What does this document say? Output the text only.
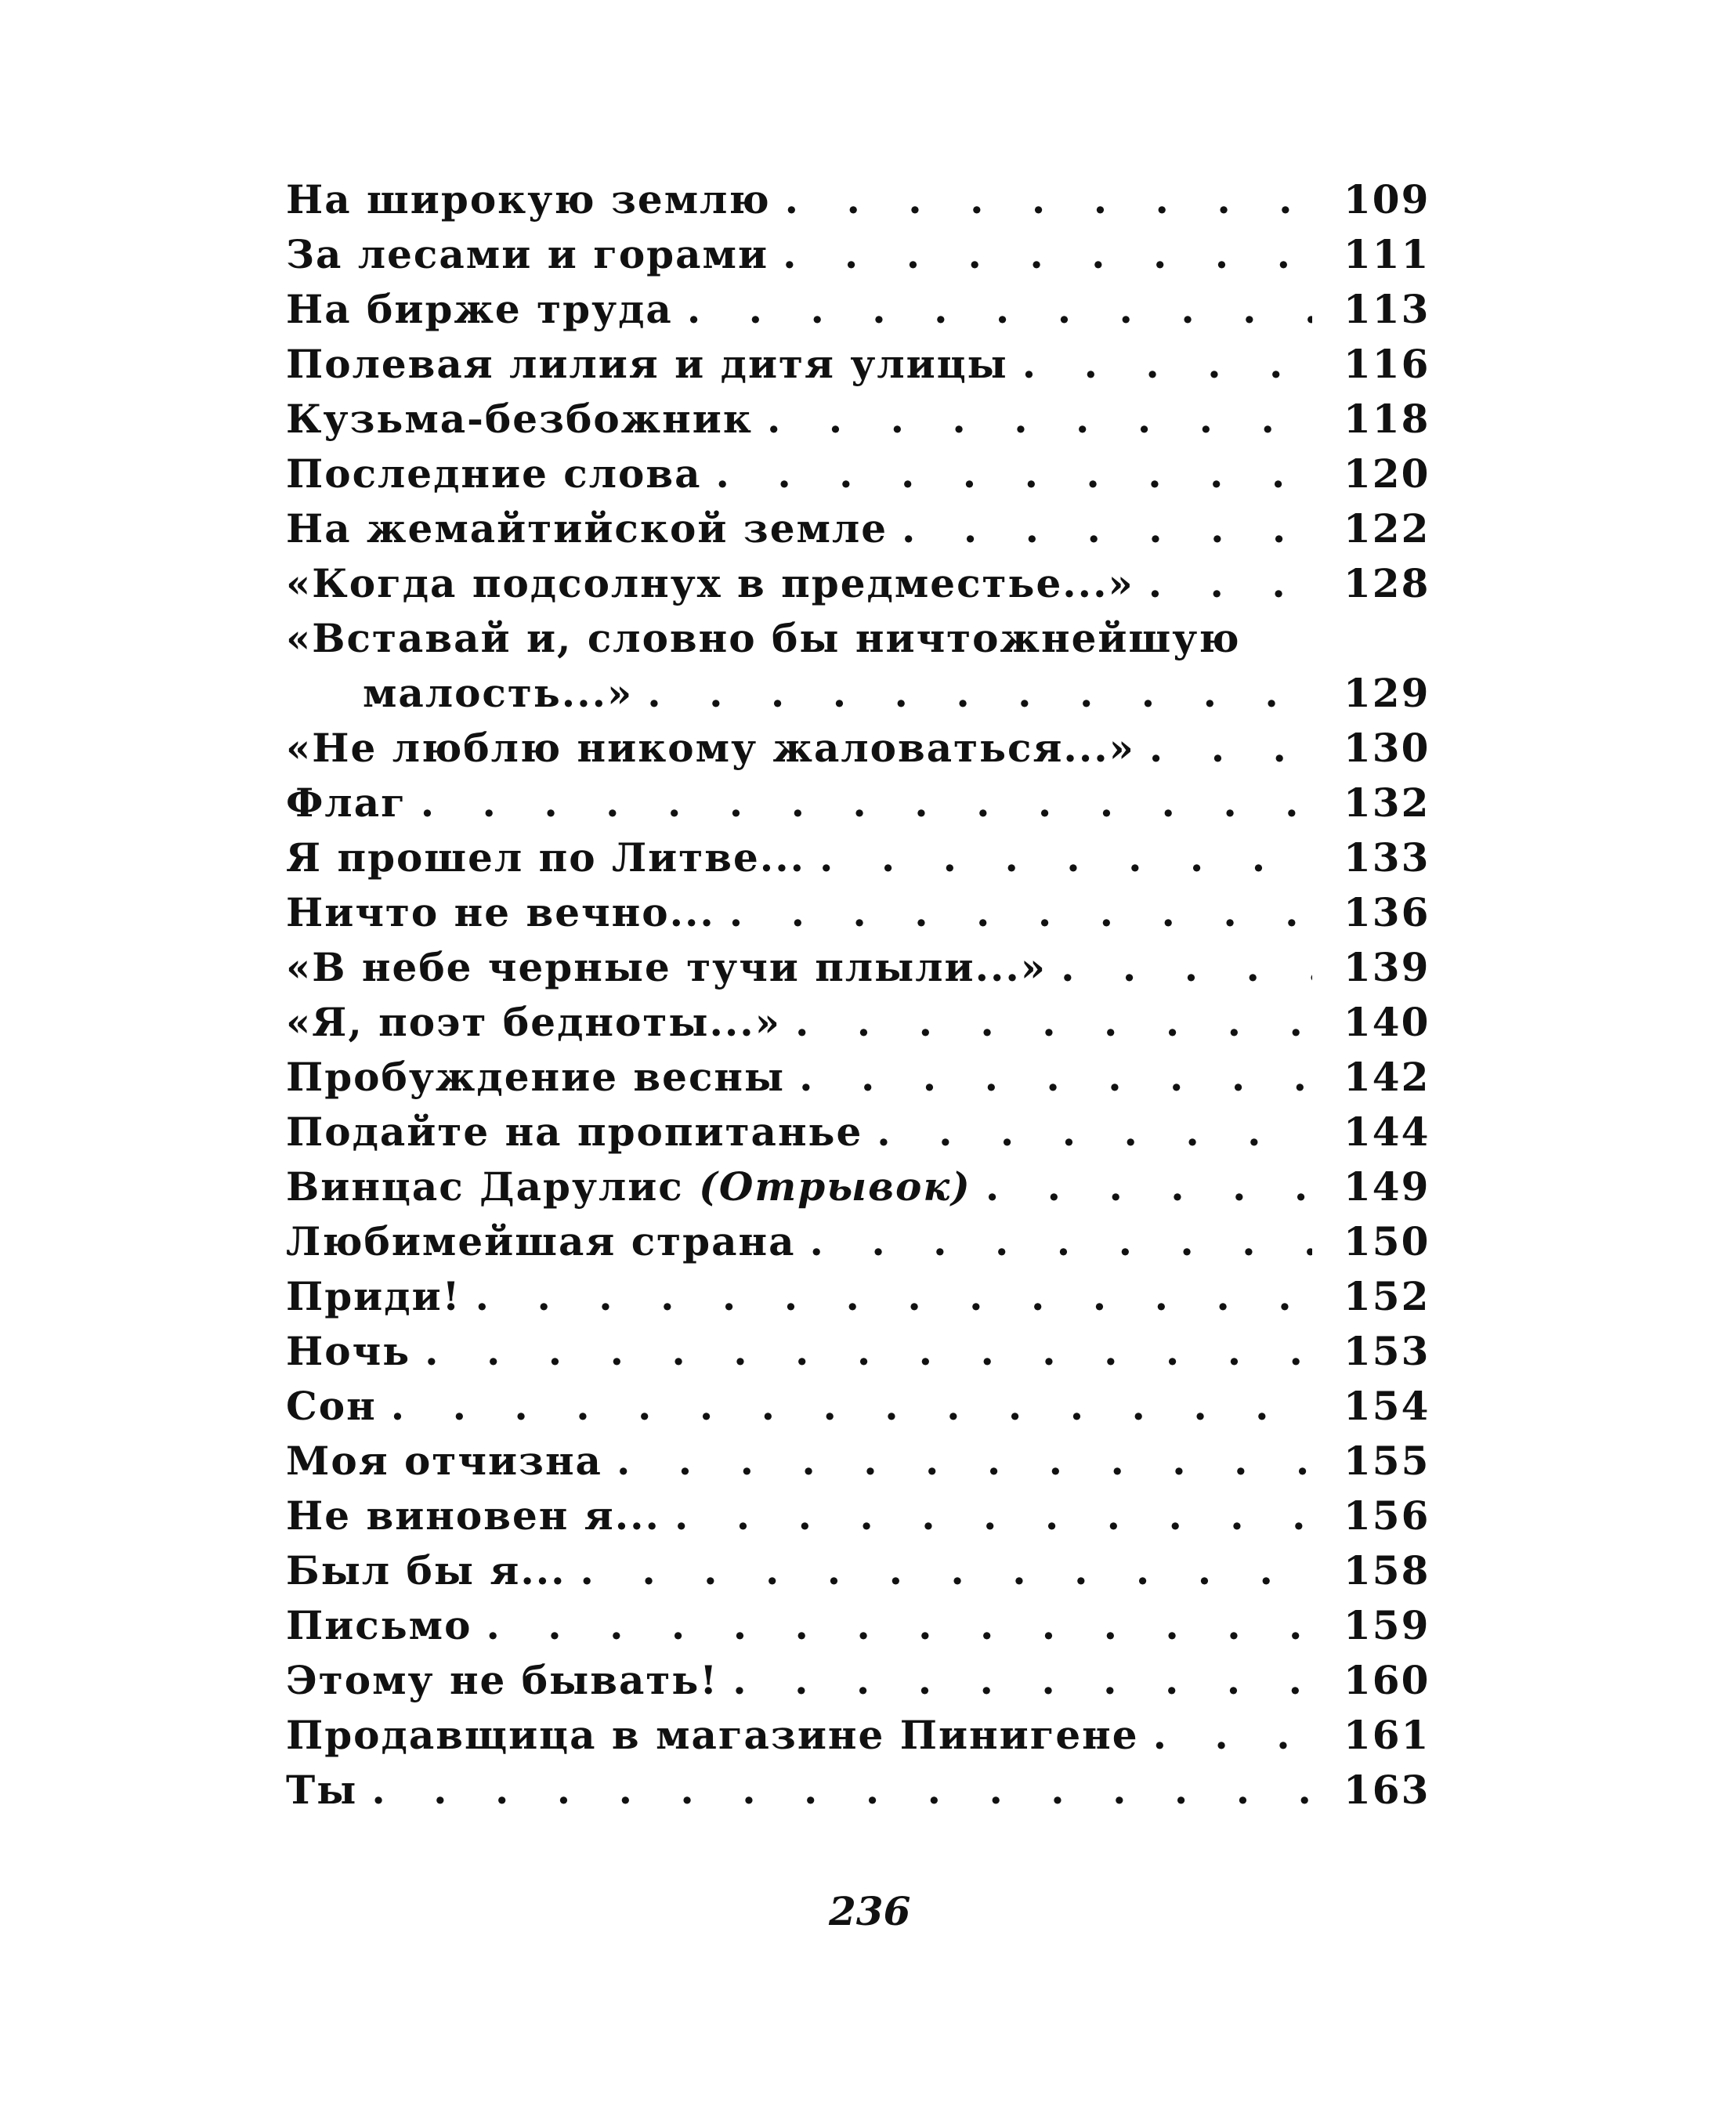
На широкую землю . . .	109
За лесами и горами . . .	111
На бирже труда . . .	113
Полевая лилия и дитя улицы . . .	116
Кузьма-безбожник . . .	118
Последние слова . . .	120
На жемайтийской земле . . .	122
«Когда подсолнух в предместье...» . . .	128
«Вставай и, словно бы ничтожнейшую
малость...» . . .	129
«Не люблю никому жаловаться...» . . .	130
Флаг . . .	132
Я прошел по Литве... . . .	133
Ничто не вечно... . . .	136
«В небе черные тучи плыли...» . . .	139
«Я, поэт бедноты...» . . .	140
Пробуждение весны . . .	142
Подайте на пропитанье . . .	144
Винцас Дарулис (Отрывок) . . .	149
Любимейшая страна . . .	150
Приди! . . .	152
Ночь . . .	153
Сон . . .	154
Моя отчизна . . .	155
Не виновен я... . . .	156
Был бы я... . . .	158
Письмо . . .	159
Этому не бывать! . . .	160
Продавщица в магазине Пинигене . . .	161
Ты . . .	163
236
